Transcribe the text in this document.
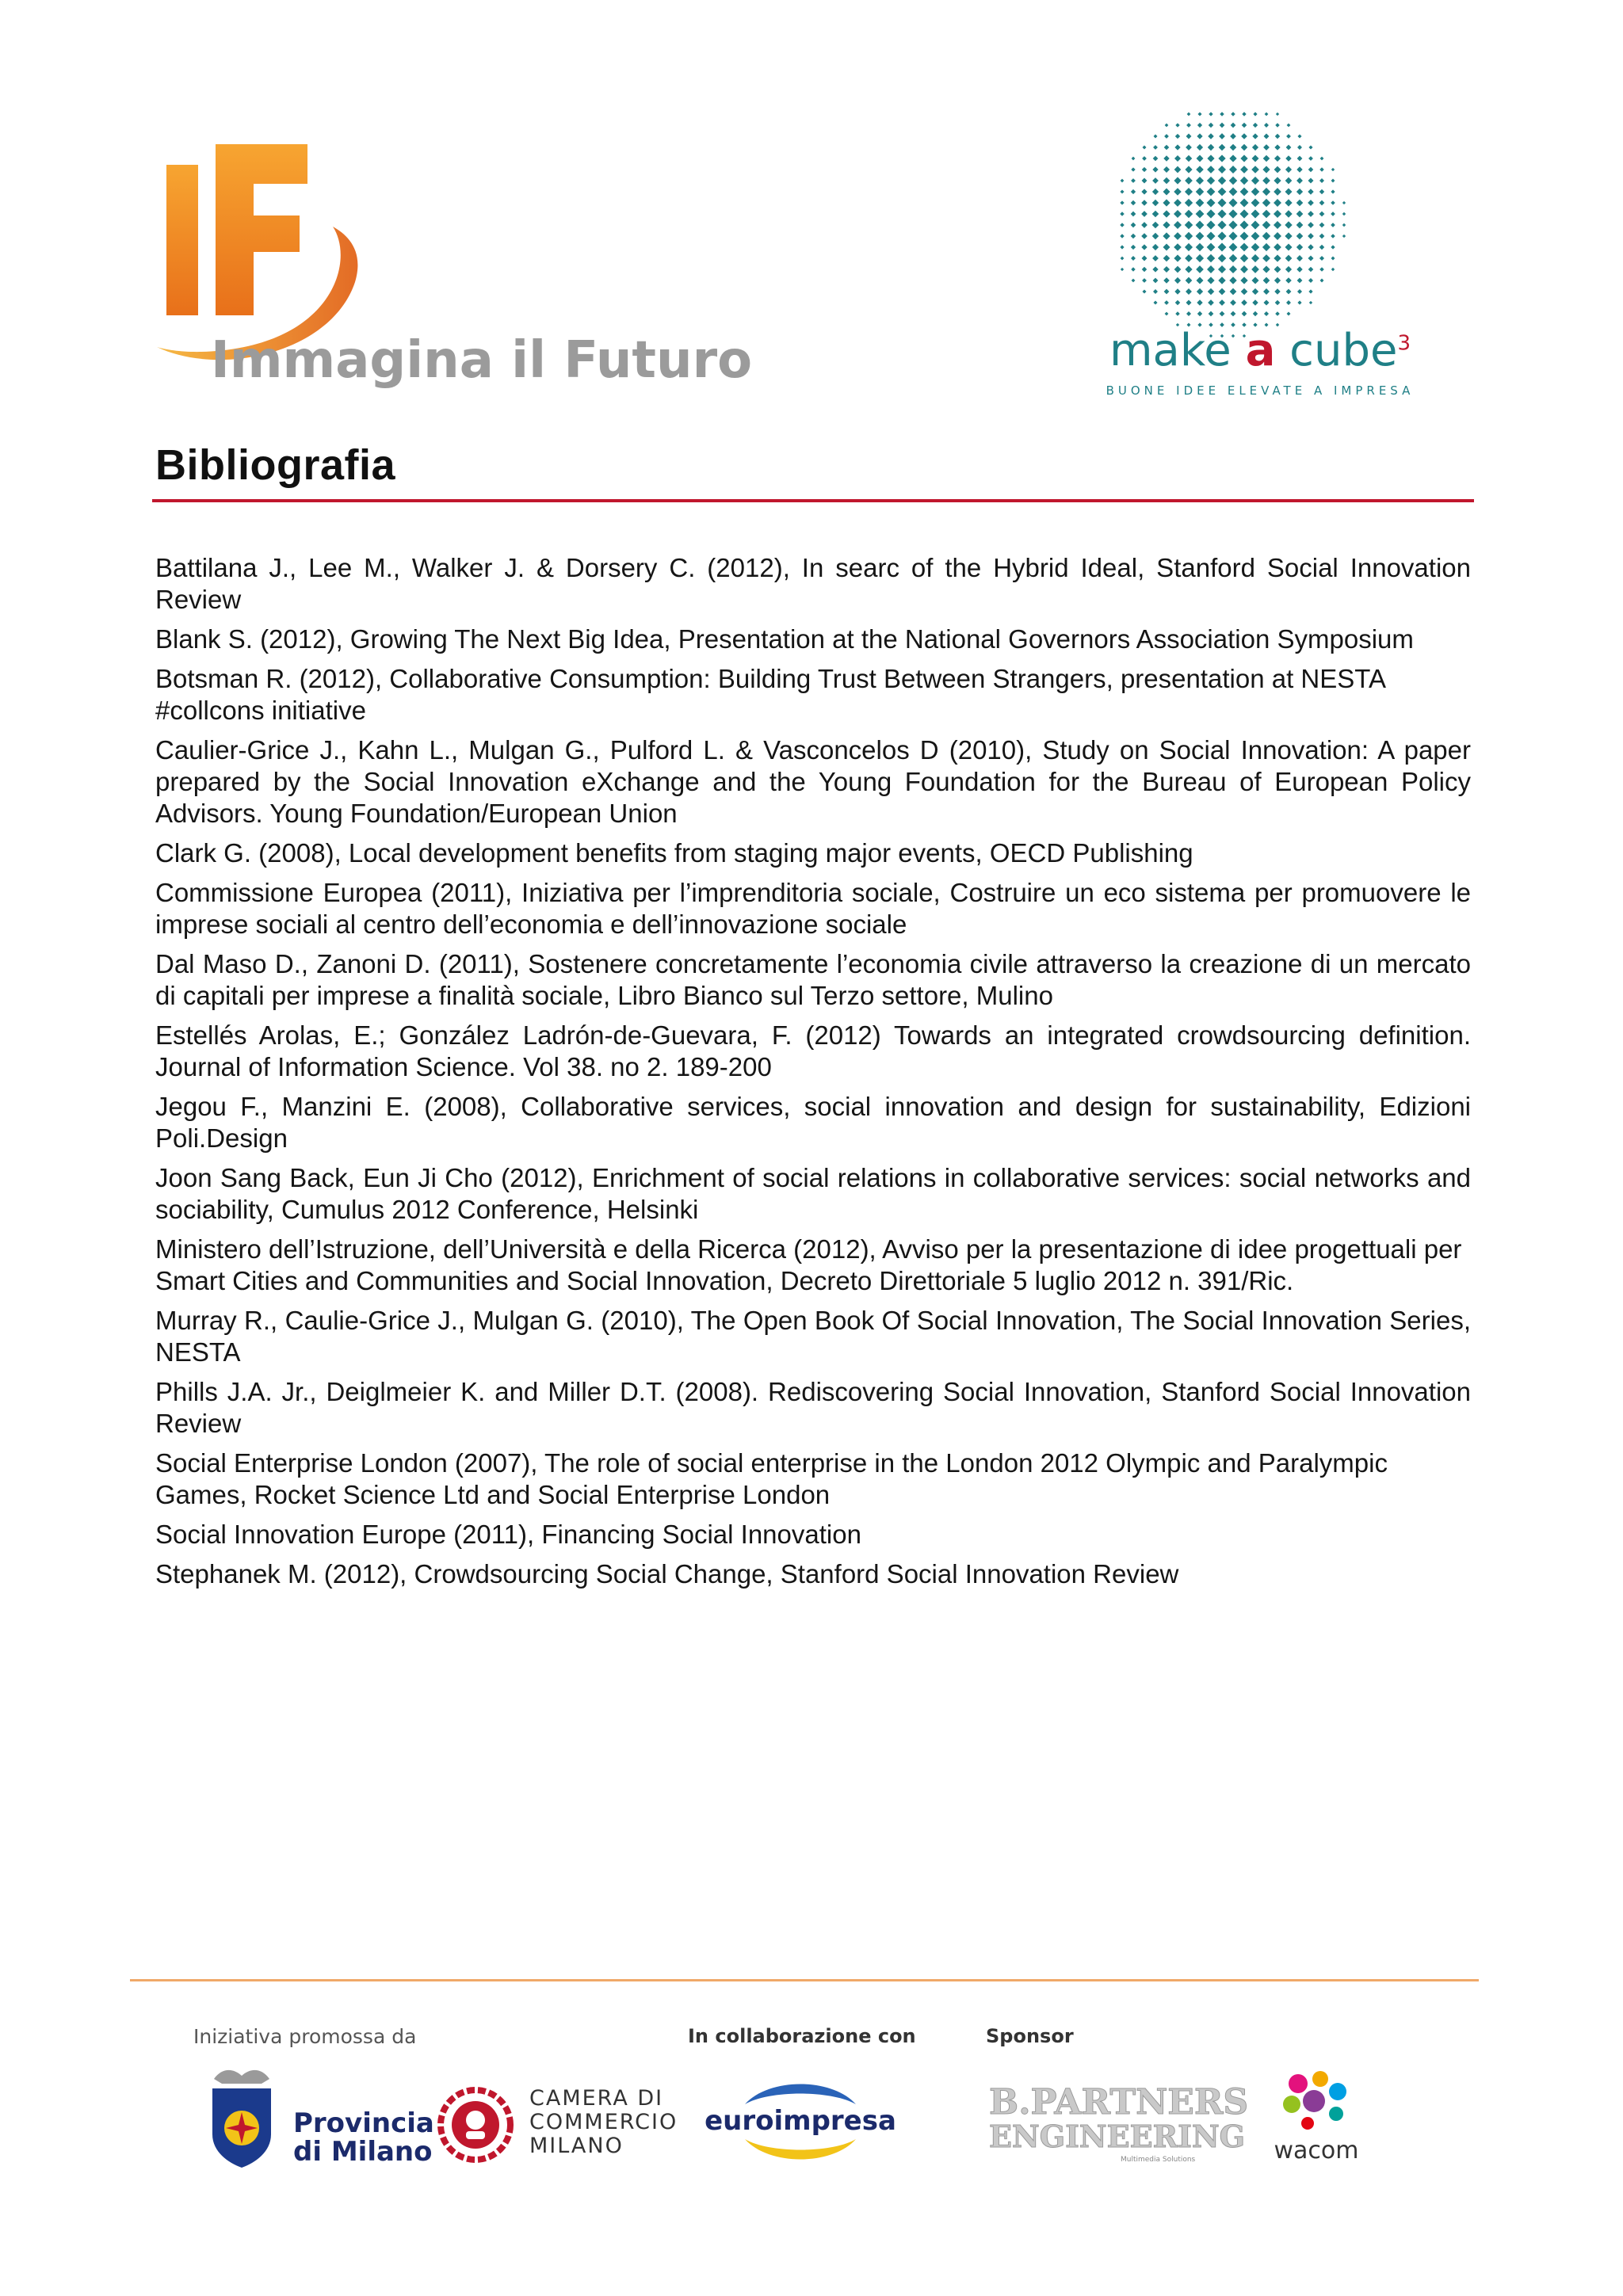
Immagina il Futuro	make a cube$^3$
BUONE IDEE ELEVATE A IMPRESA
Bibliografia

Battilana J., Lee M., Walker J. & Dorsery C. (2012), In searc of the Hybrid Ideal, Stanford Social Innovation Review

Blank S. (2012), Growing The Next Big Idea, Presentation at the National Governors Association Symposium

Botsman R. (2012), Collaborative Consumption: Building Trust Between Strangers, presentation at NESTA #collcons initiative

Caulier-Grice J., Kahn L., Mulgan G., Pulford L. & Vasconcelos D (2010), Study on Social Innovation: A paper prepared by the Social Innovation eXchange and the Young Foundation for the Bureau of European Policy Advisors. Young Foundation/European Union

Clark G. (2008), Local development benefits from staging major events, OECD Publishing

Commissione Europea (2011), Iniziativa per l’imprenditoria sociale, Costruire un eco sistema per promuovere le imprese sociali al centro dell’economia e dell’innovazione sociale

Dal Maso D., Zanoni D. (2011), Sostenere concretamente l’economia civile attraverso la creazione di un mercato di capitali per imprese a finalità sociale, Libro Bianco sul Terzo settore, Mulino

Estellés Arolas, E.; González Ladrón-de-Guevara, F. (2012) Towards an integrated crowdsourcing definition. Journal of Information Science. Vol 38. no 2. 189-200

Jegou F., Manzini E. (2008), Collaborative services, social innovation and design for sustainability, Edizioni Poli.Design

Joon Sang Back, Eun Ji Cho (2012), Enrichment of social relations in collaborative services: social networks and sociability, Cumulus 2012 Conference, Helsinki

Ministero dell’Istruzione, dell’Università e della Ricerca (2012), Avviso per la presentazione di idee progettuali per Smart Cities and Communities and Social Innovation, Decreto Direttoriale 5 luglio 2012 n. 391/Ric.

Murray R., Caulie-Grice J., Mulgan G. (2010), The Open Book Of Social Innovation, The Social Innovation Series, NESTA

Phills J.A. Jr., Deiglmeier K. and Miller D.T. (2008). Rediscovering Social Innovation, Stanford Social Innovation Review

Social Enterprise London (2007), The role of social enterprise in the London 2012 Olympic and Paralympic Games, Rocket Science Ltd and Social Enterprise London

Social Innovation Europe (2011), Financing Social Innovation

Stephanek M. (2012), Crowdsourcing Social Change, Stanford Social Innovation Review

Iniziativa promossa da	In collaborazione con	Sponsor
Provincia
di Milano
CAMERA DI
COMMERCIO
MILANO
euroimpresa	B.PARTNERS
ENGINEERING
Multimedia Solutions	wacom
